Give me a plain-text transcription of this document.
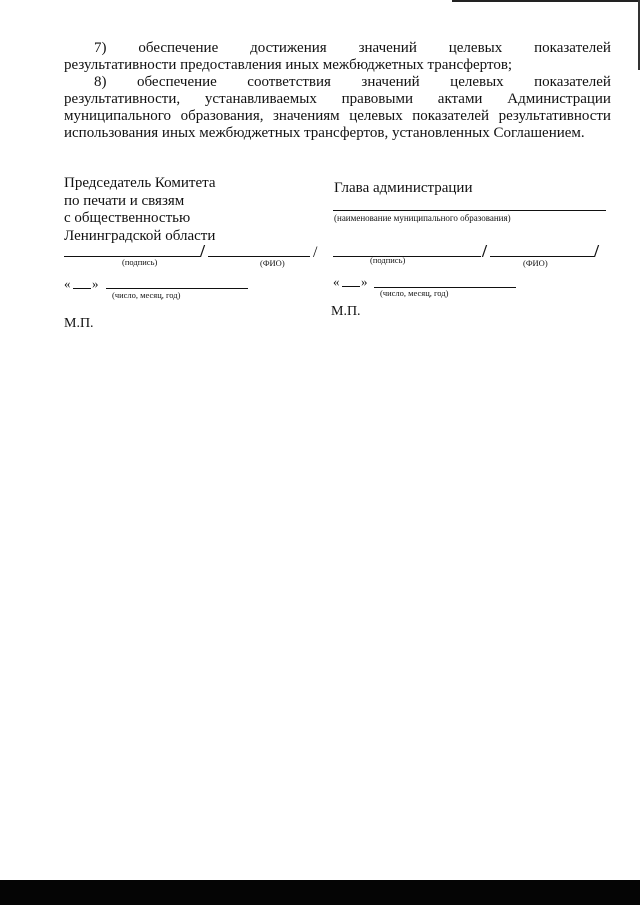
7) обеспечение достижения значений целевых показателей
результативности предоставления иных межбюджетных трансфертов;
8) обеспечение соответствия значений целевых показателей
результативности, устанавливаемых правовыми актами Администрации
муниципального образования, значениям целевых показателей результативности
использования иных межбюджетных трансфертов, установленных Соглашением.
Председатель Комитета
по печати и связям
с общественностью
Ленинградской области
/	/
(подпись)	(ФИО)
« »
(число, месяц, год)
М.П.
Глава администрации
(наименование муниципального образования)
/	/
(подпись)	(ФИО)
« »
(число, месяц, год)
М.П.
